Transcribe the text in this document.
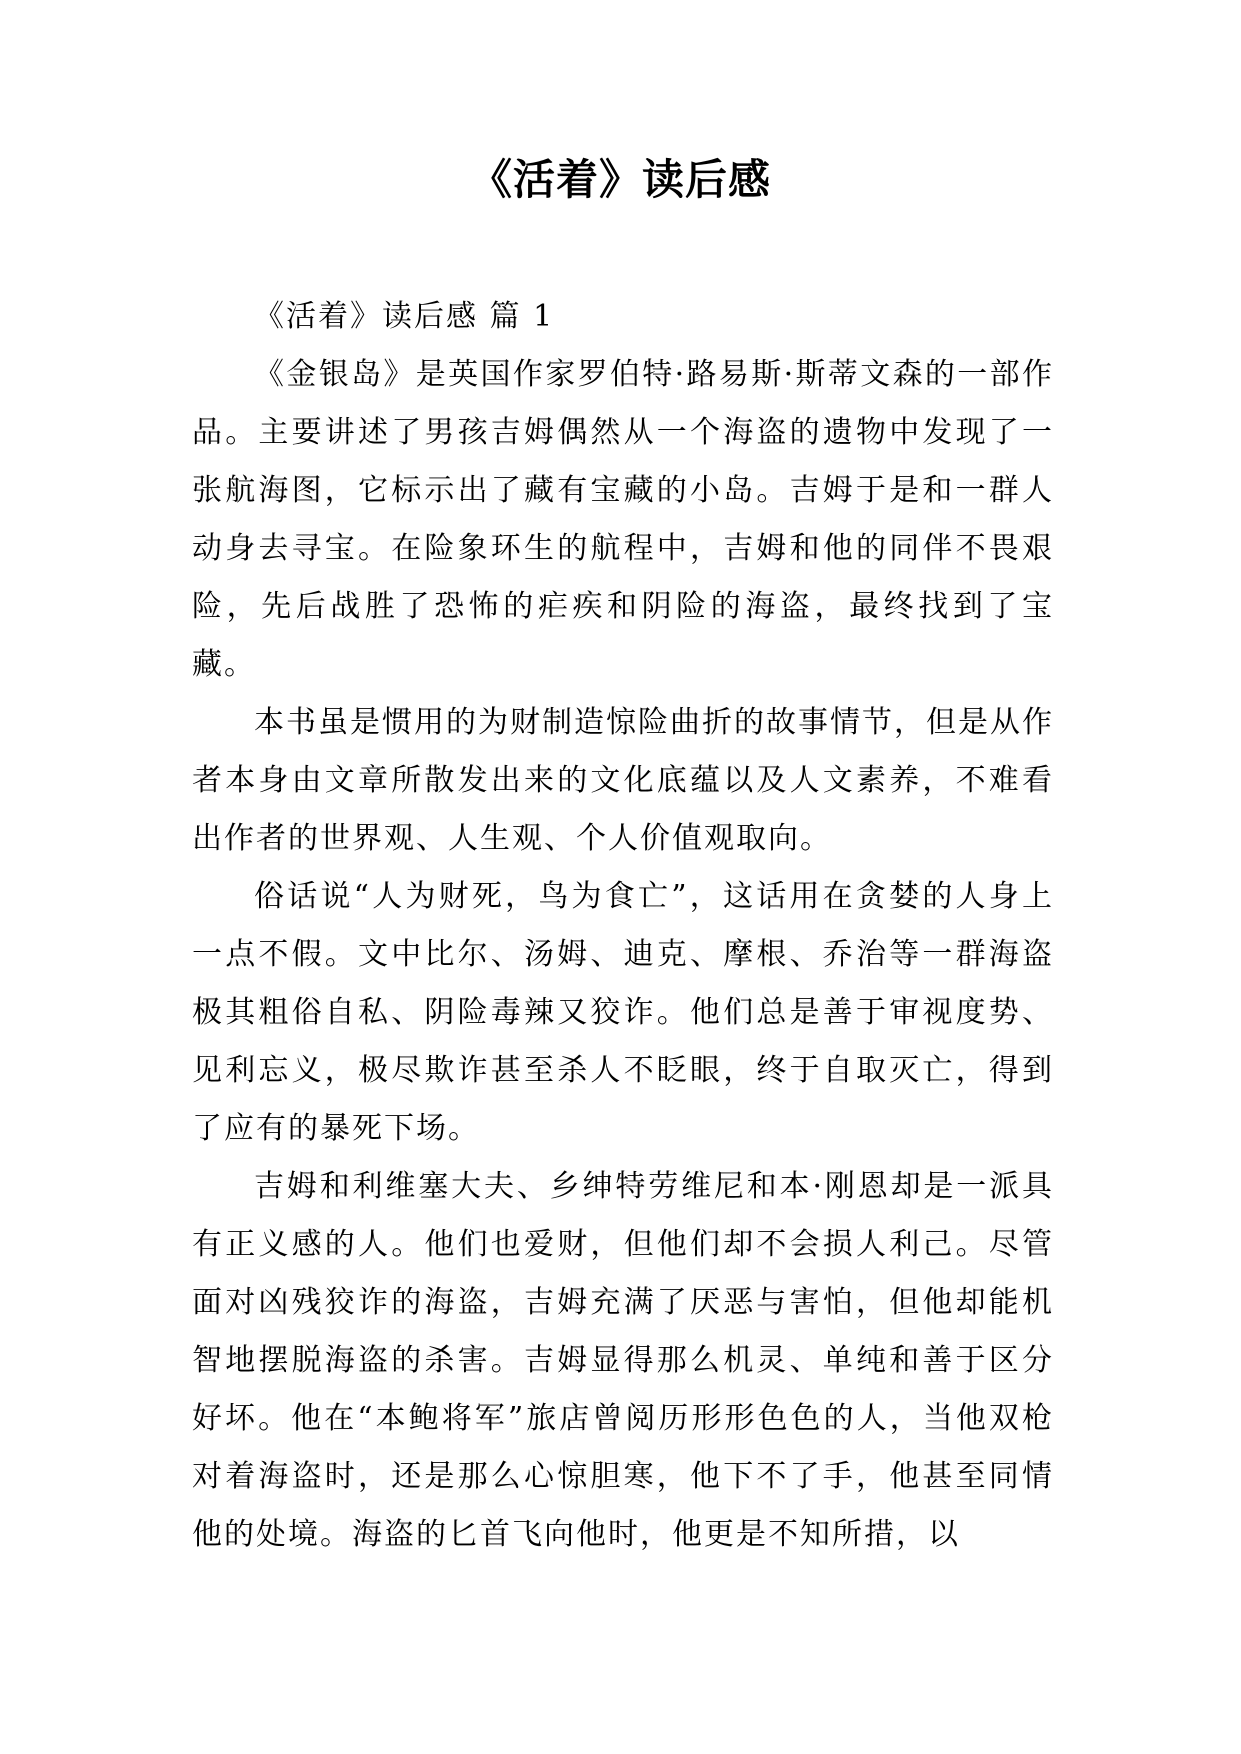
《活着》读后感

《活着》读后感 篇 1

《金银岛》是英国作家罗伯特·路易斯·斯蒂文森的一部作品。主要讲述了男孩吉姆偶然从一个海盗的遗物中发现了一张航海图，它标示出了藏有宝藏的小岛。吉姆于是和一群人动身去寻宝。在险象环生的航程中，吉姆和他的同伴不畏艰险，先后战胜了恐怖的疟疾和阴险的海盗，最终找到了宝藏。

本书虽是惯用的为财制造惊险曲折的故事情节，但是从作者本身由文章所散发出来的文化底蕴以及人文素养，不难看出作者的世界观、人生观、个人价值观取向。

俗话说“人为财死，鸟为食亡”，这话用在贪婪的人身上一点不假。文中比尔、汤姆、迪克、摩根、乔治等一群海盗极其粗俗自私、阴险毒辣又狡诈。他们总是善于审视度势、见利忘义，极尽欺诈甚至杀人不眨眼，终于自取灭亡，得到了应有的暴死下场。

吉姆和利维塞大夫、乡绅特劳维尼和本·刚恩却是一派具有正义感的人。他们也爱财，但他们却不会损人利己。尽管面对凶残狡诈的海盗，吉姆充满了厌恶与害怕，但他却能机智地摆脱海盗的杀害。吉姆显得那么机灵、单纯和善于区分好坏。他在“本鲍将军”旅店曾阅历形形色色的人，当他双枪对着海盗时，还是那么心惊胆寒，他下不了手，他甚至同情他的处境。海盗的匕首飞向他时，他更是不知所措，以
